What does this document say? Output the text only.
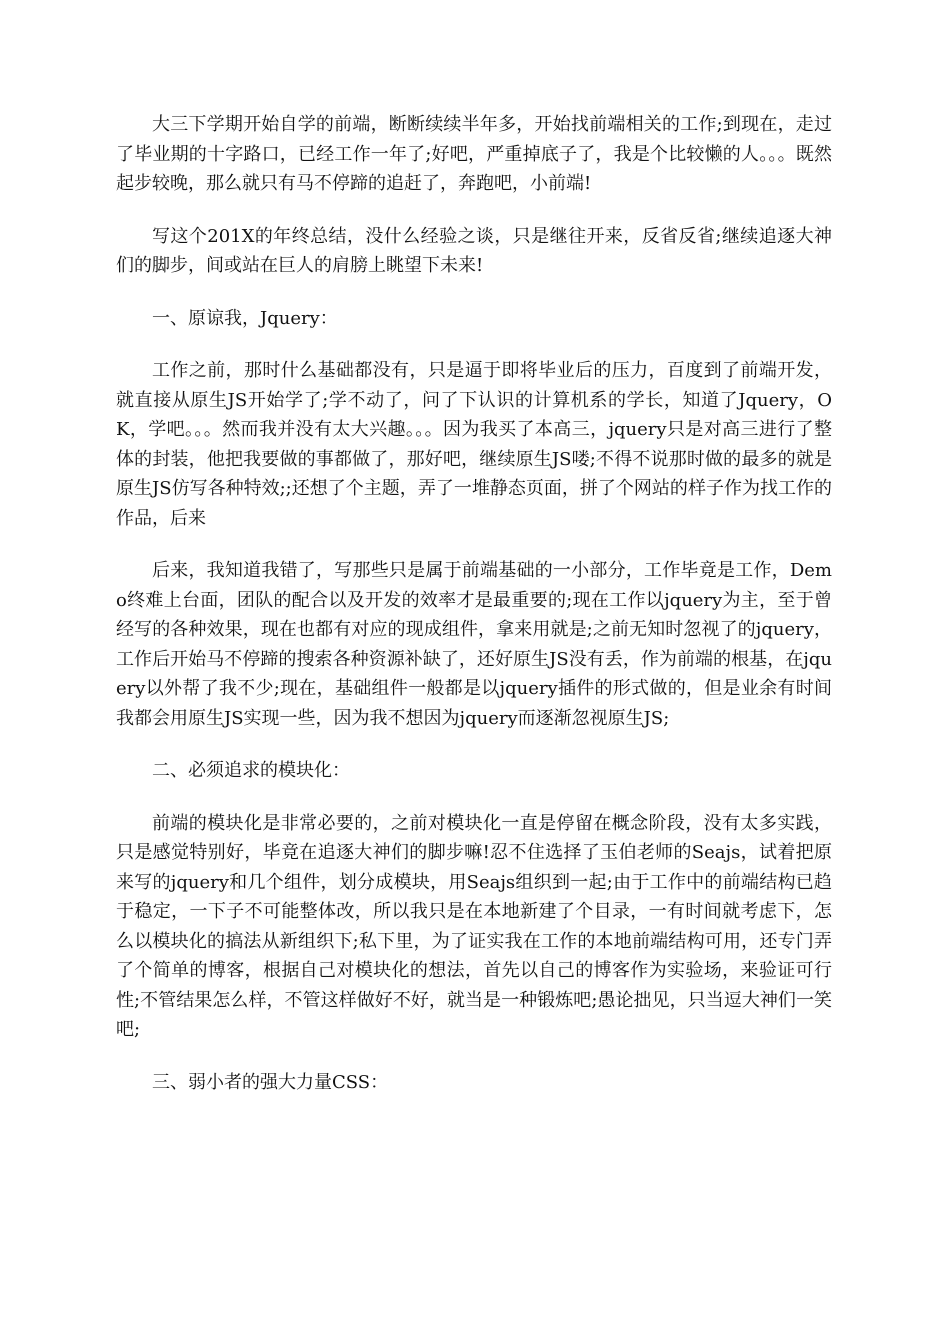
大三下学期开始自学的前端，断断续续半年多，开始找前端相关的工作;到现在，走过了毕业期的十字路口，已经工作一年了;好吧，严重掉底子了，我是个比较懒的人。。。既然起步较晚，那么就只有马不停蹄的追赶了，奔跑吧，小前端!

写这个201X的年终总结，没什么经验之谈，只是继往开来，反省反省;继续追逐大神们的脚步，间或站在巨人的肩膀上眺望下未来!

一、原谅我，Jquery：

工作之前，那时什么基础都没有，只是逼于即将毕业后的压力，百度到了前端开发，就直接从原生JS开始学了;学不动了，问了下认识的计算机系的学长，知道了Jquery，OK，学吧。。。然而我并没有太大兴趣。。。因为我买了本高三，jquery只是对高三进行了整体的封装，他把我要做的事都做了，那好吧，继续原生JS喽;不得不说那时做的最多的就是原生JS仿写各种特效;;还想了个主题，弄了一堆静态页面，拼了个网站的样子作为找工作的作品，后来

后来，我知道我错了，写那些只是属于前端基础的一小部分，工作毕竟是工作，Demo终难上台面，团队的配合以及开发的效率才是最重要的;现在工作以jquery为主，至于曾经写的各种效果，现在也都有对应的现成组件，拿来用就是;之前无知时忽视了的jquery，工作后开始马不停蹄的搜索各种资源补缺了，还好原生JS没有丢，作为前端的根基，在jquery以外帮了我不少;现在，基础组件一般都是以jquery插件的形式做的，但是业余有时间我都会用原生JS实现一些，因为我不想因为jquery而逐渐忽视原生JS;

二、必须追求的模块化：

前端的模块化是非常必要的，之前对模块化一直是停留在概念阶段，没有太多实践，只是感觉特别好，毕竟在追逐大神们的脚步嘛!忍不住选择了玉伯老师的Seajs，试着把原来写的jquery和几个组件，划分成模块，用Seajs组织到一起;由于工作中的前端结构已趋于稳定，一下子不可能整体改，所以我只是在本地新建了个目录，一有时间就考虑下，怎么以模块化的搞法从新组织下;私下里，为了证实我在工作的本地前端结构可用，还专门弄了个简单的博客，根据自己对模块化的想法，首先以自己的博客作为实验场，来验证可行性;不管结果怎么样，不管这样做好不好，就当是一种锻炼吧;愚论拙见，只当逗大神们一笑吧;

三、弱小者的强大力量CSS：
